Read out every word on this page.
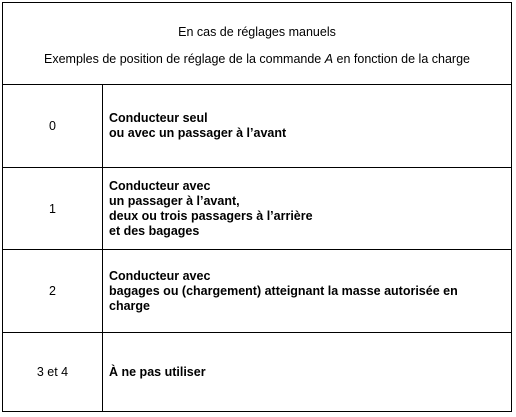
En cas de réglages manuels
Exemples de position de réglage de la commande A en fonction de la charge
0
Conducteur seul
ou avec un passager à l’avant
1
Conducteur avec
un passager à l’avant,
deux ou trois passagers à l’arrière
et des bagages
2
Conducteur avec
bagages ou (chargement) atteignant la masse autorisée en
charge
3 et 4	À ne pas utiliser
